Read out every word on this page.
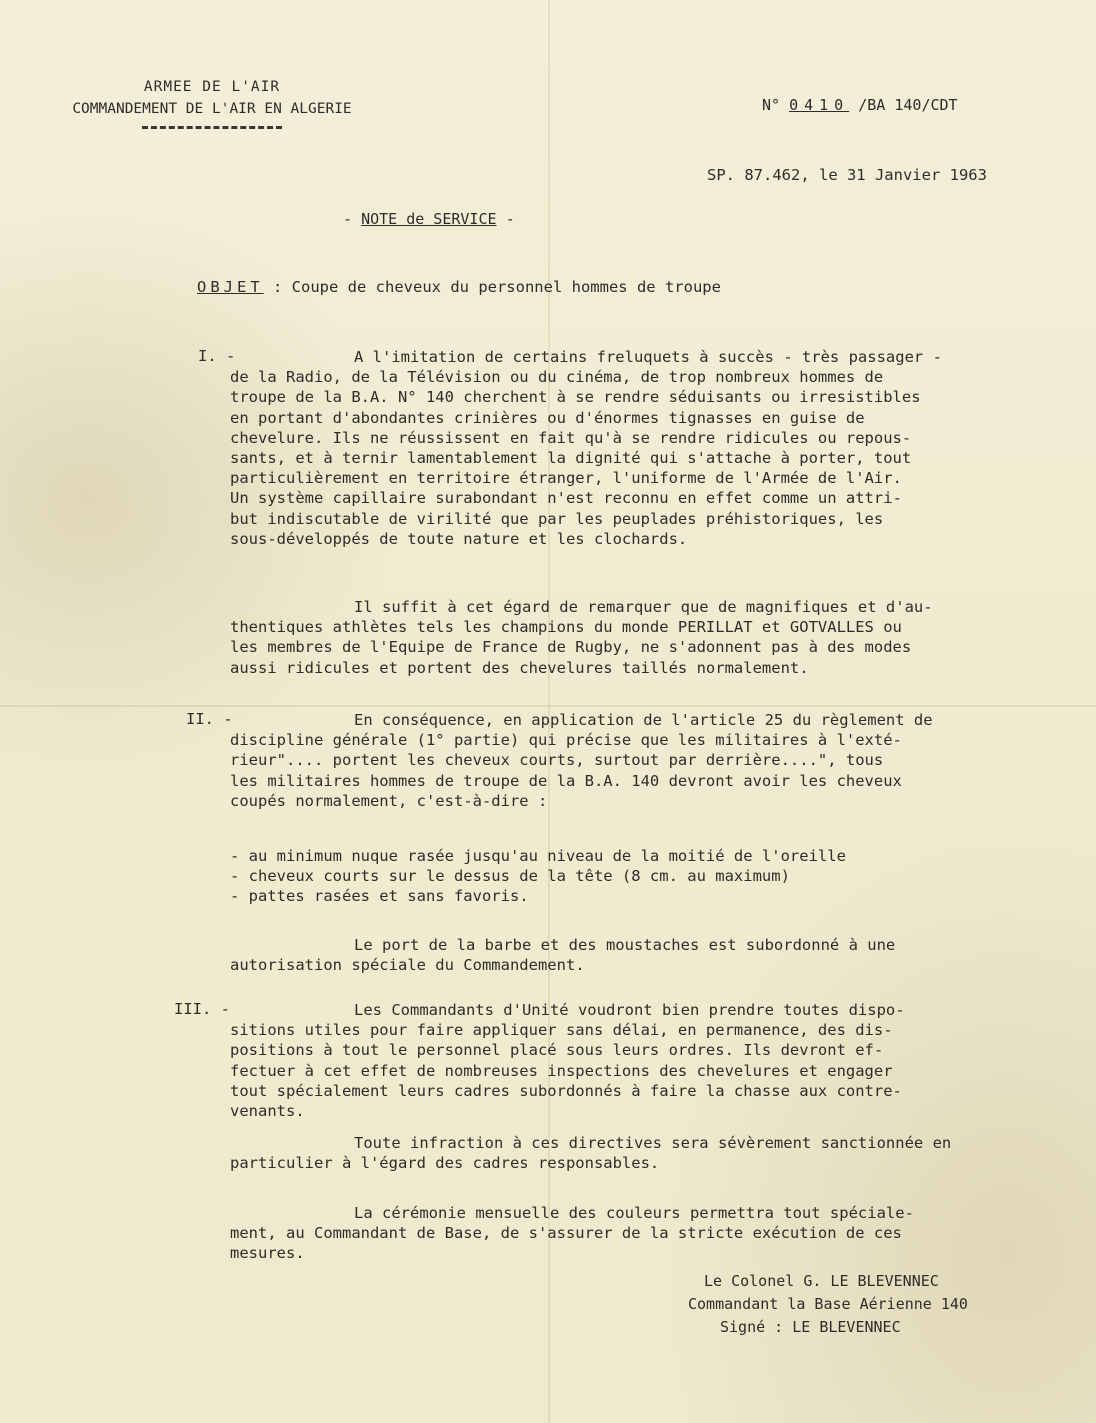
ARMEE DE L'AIR
COMMANDEMENT DE L'AIR EN ALGERIE	N° 0410 /BA 140/CDT
SP. 87.462, le 31 Janvier 1963
- NOTE de SERVICE -
OBJET : Coupe de cheveux du personnel hommes de troupe
I. -	A l'imitation de certains freluquets à succès - très passager -
de la Radio, de la Télévision ou du cinéma, de trop nombreux hommes de
troupe de la B.A. N° 140 cherchent à se rendre séduisants ou irresistibles
en portant d'abondantes crinières ou d'énormes tignasses en guise de
chevelure. Ils ne réussissent en fait qu'à se rendre ridicules ou repous-
sants, et à ternir lamentablement la dignité qui s'attache à porter, tout
particulièrement en territoire étranger, l'uniforme de l'Armée de l'Air.
Un système capillaire surabondant n'est reconnu en effet comme un attri-
but indiscutable de virilité que par les peuplades préhistoriques, les
sous-développés de toute nature et les clochards.
Il suffit à cet égard de remarquer que de magnifiques et d'au-
thentiques athlètes tels les champions du monde PERILLAT et GOTVALLES ou
les membres de l'Equipe de France de Rugby, ne s'adonnent pas à des modes
aussi ridicules et portent des chevelures taillés normalement.
II. -	En conséquence, en application de l'article 25 du règlement de
discipline générale (1° partie) qui précise que les militaires à l'exté-
rieur".... portent les cheveux courts, surtout par derrière....", tous
les militaires hommes de troupe de la B.A. 140 devront avoir les cheveux
coupés normalement, c'est-à-dire :
- au minimum nuque rasée jusqu'au niveau de la moitié de l'oreille
- cheveux courts sur le dessus de la tête (8 cm. au maximum)
- pattes rasées et sans favoris.
Le port de la barbe et des moustaches est subordonné à une
autorisation spéciale du Commandement.
III. -	Les Commandants d'Unité voudront bien prendre toutes dispo-
sitions utiles pour faire appliquer sans délai, en permanence, des dis-
positions à tout le personnel placé sous leurs ordres. Ils devront ef-
fectuer à cet effet de nombreuses inspections des chevelures et engager
tout spécialement leurs cadres subordonnés à faire la chasse aux contre-
venants.
Toute infraction à ces directives sera sévèrement sanctionnée en
particulier à l'égard des cadres responsables.
La cérémonie mensuelle des couleurs permettra tout spéciale-
ment, au Commandant de Base, de s'assurer de la stricte exécution de ces
mesures.
Le Colonel G. LE BLEVENNEC
Commandant la Base Aérienne 140
Signé : LE BLEVENNEC
